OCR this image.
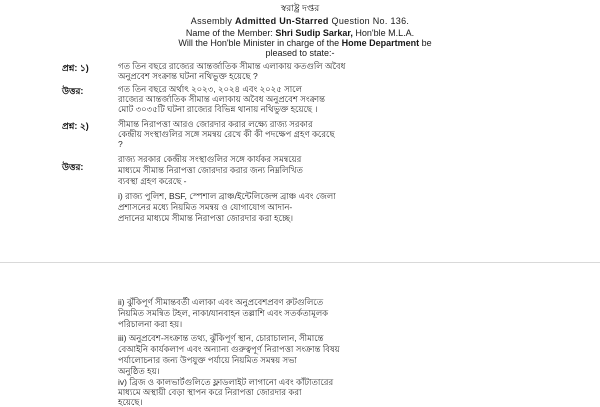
স্বরাষ্ট্র দপ্তর
Assembly Admitted Un-Starred Question No. 136.
Name of the Member: Shri Sudip Sarkar, Hon'ble M.L.A.
Will the Hon'ble Minister in charge of the Home Department be
pleased to state:-
প্রশ্ন: ১)	গত তিন বছরে রাজ্যের আন্তর্জাতিক সীমান্ত এলাকায় কতগুলি অবৈধ
অনুপ্রবেশ সংক্রান্ত ঘটনা নথিভুক্ত হয়েছে ?
উত্তর:	গত তিন বছরে অর্থাৎ ২০২৩, ২০২৪ এবং ২০২৫ সালে
রাজ্যের আন্তর্জাতিক সীমান্ত এলাকায় অবৈধ অনুপ্রবেশ সংক্রান্ত
মোট ৩০৩৫টি ঘটনা রাজ্যের বিভিন্ন থানায় নথিভুক্ত হয়েছে ।
প্রশ্ন: ২)	সীমান্ত নিরাপত্তা আরও জোরদার করার লক্ষ্যে রাজ্য সরকার
কেন্দ্রীয় সংস্থাগুলির সঙ্গে সমন্বয় রেখে কী কী পদক্ষেপ গ্রহণ করেছে
?
উত্তর:
রাজ্য সরকার কেন্দ্রীয় সংস্থাগুলির সঙ্গে কার্যকর সমন্বয়ের
মাধ্যমে সীমান্ত নিরাপত্তা জোরদার করার জন্য নিম্নলিখিত
ব্যবস্থা গ্রহণ করেছে -
i) রাজ্য পুলিশ, BSF, স্পেশাল ব্রাঞ্চ/ইন্টেলিজেন্স ব্রাঞ্চ এবং জেলা
প্রশাসনের মধ্যে নিয়মিত সমন্বয় ও যোগাযোগ আদান-
প্রদানের মাধ্যমে সীমান্ত নিরাপত্তা জোরদার করা হচ্ছে।
ii) ঝুঁকিপূর্ণ সীমান্তবর্তী এলাকা এবং অনুপ্রবেশপ্রবণ রুটগুলিতে
নিয়মিত সমন্বিত টহল, নাকা/যানবাহন তল্লাশি এবং সতর্কতামূলক
পরিচালনা করা হয়।
iii) অনুপ্রবেশ-সংক্রান্ত তথ্য, ঝুঁকিপূর্ণ স্থান, চোরাচালান, সীমান্তে
বেআইনি কার্যকলাপ এবং অন্যান্য গুরুত্বপূর্ণ নিরাপত্তা সংক্রান্ত বিষয়
পর্যালোচনার জন্য উপযুক্ত পর্যায়ে নিয়মিত সমন্বয় সভা
অনুষ্ঠিত হয়।
iv) ব্রিজ ও কালভার্টগুলিতে ফ্লাডলাইট লাগানো এবং কাঁটাতারের
মাধ্যমে অস্থায়ী বেড়া স্থাপন করে নিরাপত্তা জোরদার করা
হয়েছে।
